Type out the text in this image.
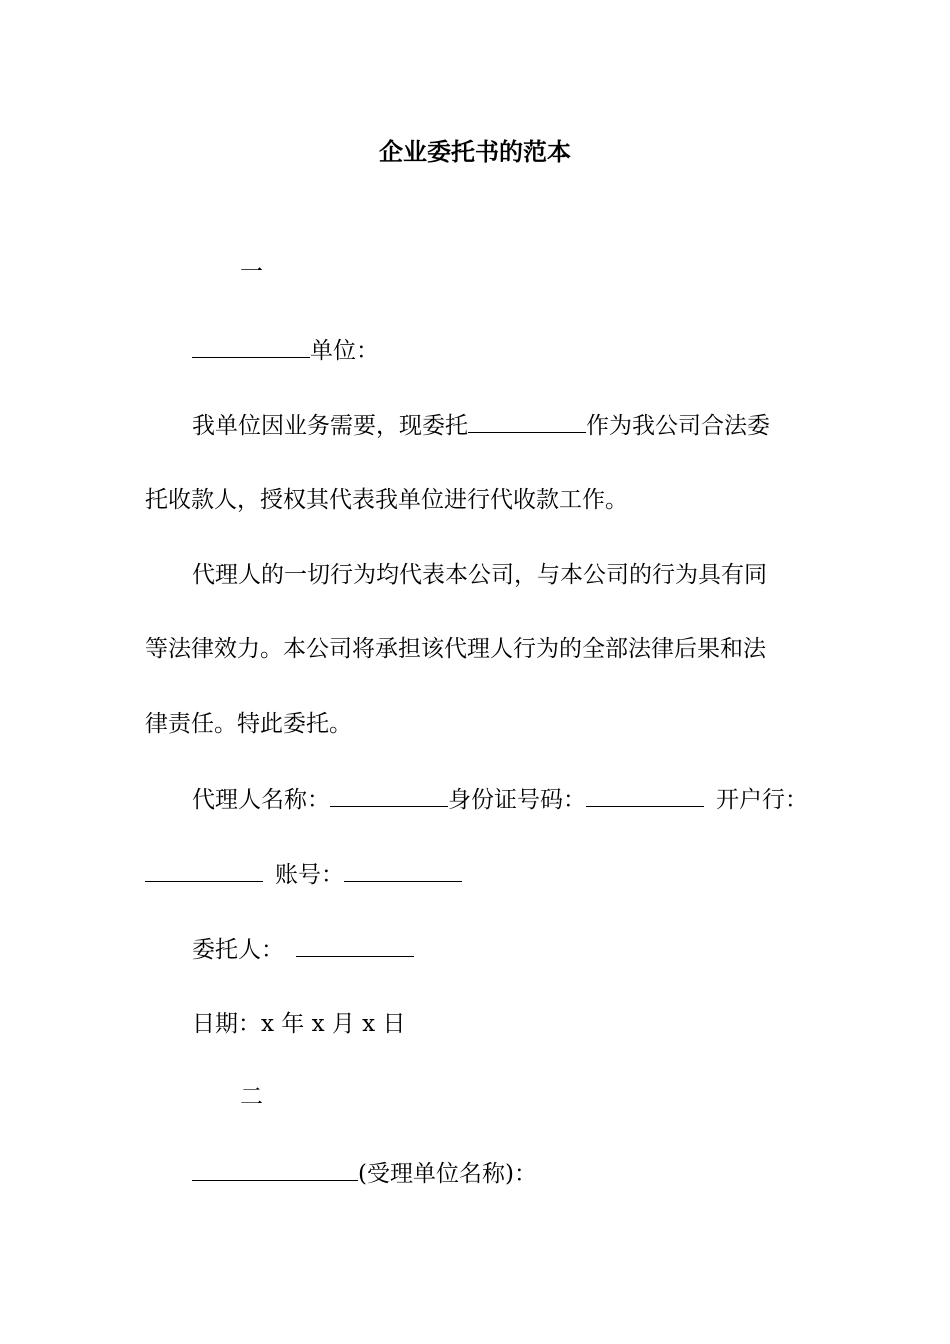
企业委托书的范本
一
单位：
我单位因业务需要，现委托	作为我公司合法委
托收款人，授权其代表我单位进行代收款工作。
代理人的一切行为均代表本公司，与本公司的行为具有同
等法律效力。本公司将承担该代理人行为的全部法律后果和法
律责任。特此委托。
代理人名称：	身份证号码：	开户行：
账号：
委托人：
日期：x 年 x 月 x 日
二
(受理单位名称)：
